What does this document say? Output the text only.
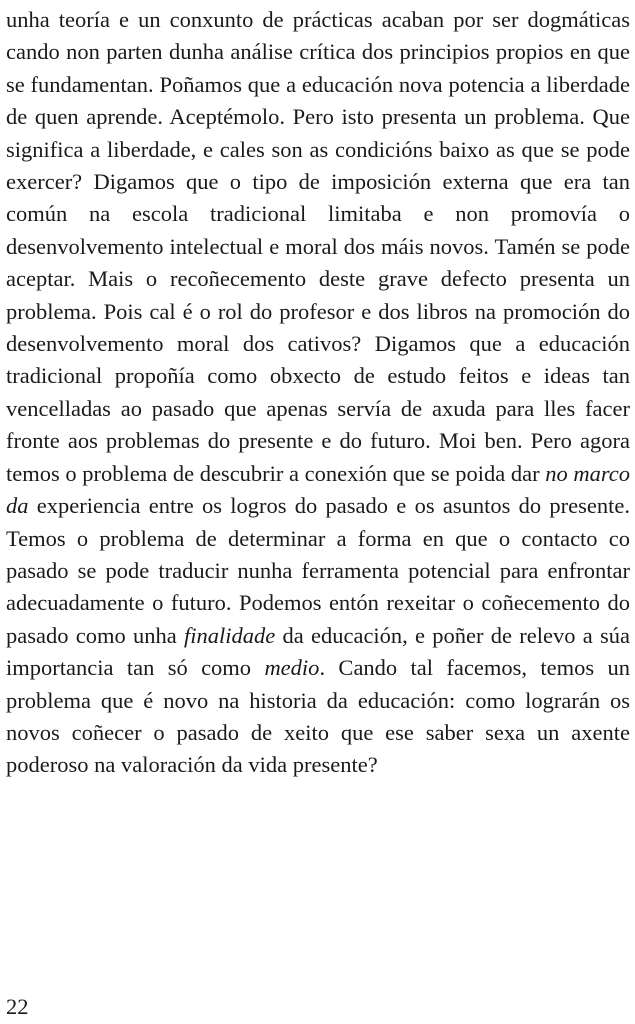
unha teoría e un conxunto de prácticas acaban por ser dogmáticas cando non parten dunha análise crítica dos principios propios en que se fundamentan. Poñamos que a educación nova potencia a liberdade de quen aprende. Aceptémolo. Pero isto presenta un problema. Que significa a liberdade, e cales son as condicións baixo as que se pode exercer? Digamos que o tipo de imposición externa que era tan común na escola tradicional limitaba e non promovía o desenvolvemento intelectual e moral dos máis novos. Tamén se pode aceptar. Mais o recoñecemento deste grave defecto presenta un problema. Pois cal é o rol do profesor e dos libros na promoción do desenvolvemento moral dos cativos? Digamos que a educación tradicional propoñía como obxecto de estudo feitos e ideas tan vencelladas ao pasado que apenas servía de axuda para lles facer fronte aos problemas do presente e do futuro. Moi ben. Pero agora temos o problema de descubrir a conexión que se poida dar no marco da experiencia entre os logros do pasado e os asuntos do presente. Temos o problema de determinar a forma en que o contacto co pasado se pode traducir nunha ferramenta potencial para enfrontar adecuadamente o futuro. Podemos entón rexeitar o coñecemento do pasado como unha finalidade da educación, e poñer de relevo a súa importancia tan só como medio. Cando tal facemos, temos un problema que é novo na historia da educación: como lograrán os novos coñecer o pasado de xeito que ese saber sexa un axente poderoso na valoración da vida presente?

22
